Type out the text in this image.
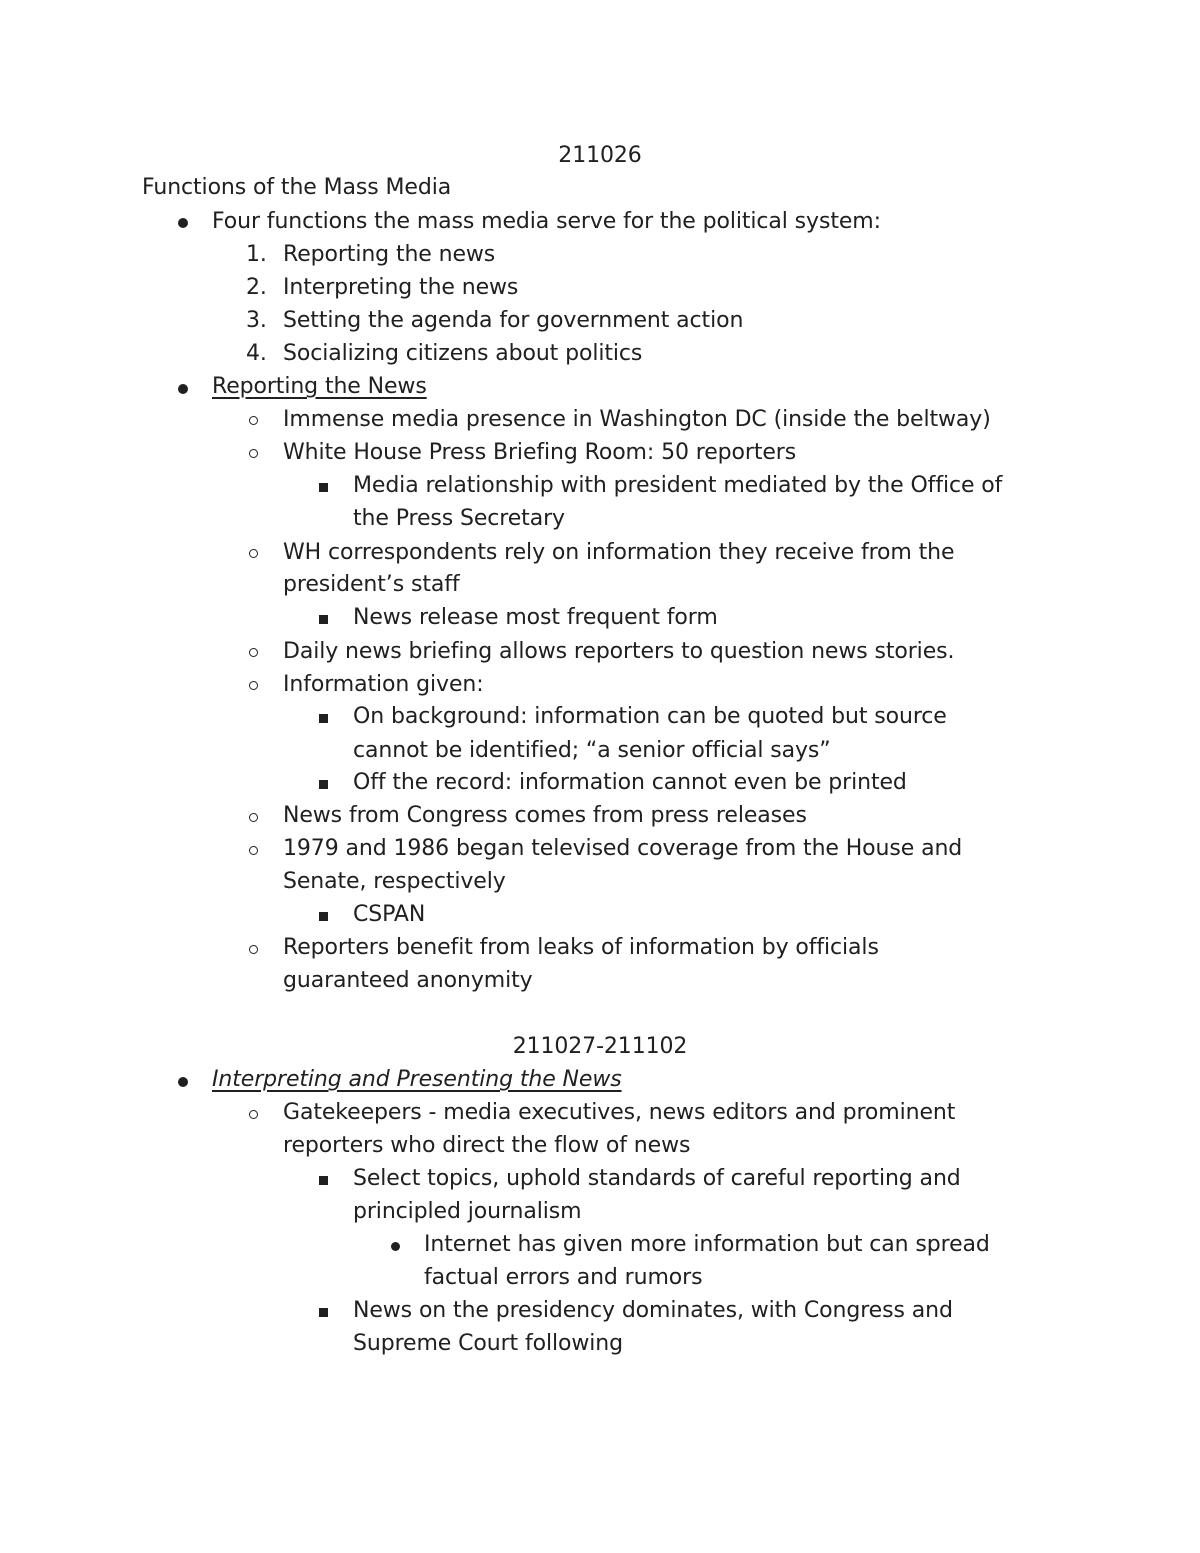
211026
Functions of the Mass Media
Four functions the mass media serve for the political system:
1. Reporting the news
2. Interpreting the news
3. Setting the agenda for government action
4. Socializing citizens about politics
Reporting the News
Immense media presence in Washington DC (inside the beltway)
White House Press Briefing Room: 50 reporters
Media relationship with president mediated by the Office of
the Press Secretary
WH correspondents rely on information they receive from the
president’s staff
News release most frequent form
Daily news briefing allows reporters to question news stories.
Information given:
On background: information can be quoted but source
cannot be identified; “a senior official says”
Off the record: information cannot even be printed
News from Congress comes from press releases
1979 and 1986 began televised coverage from the House and
Senate, respectively
CSPAN
Reporters benefit from leaks of information by officials
guaranteed anonymity
211027-211102
Interpreting and Presenting the News
Gatekeepers - media executives, news editors and prominent
reporters who direct the flow of news
Select topics, uphold standards of careful reporting and
principled journalism
Internet has given more information but can spread
factual errors and rumors
News on the presidency dominates, with Congress and
Supreme Court following
